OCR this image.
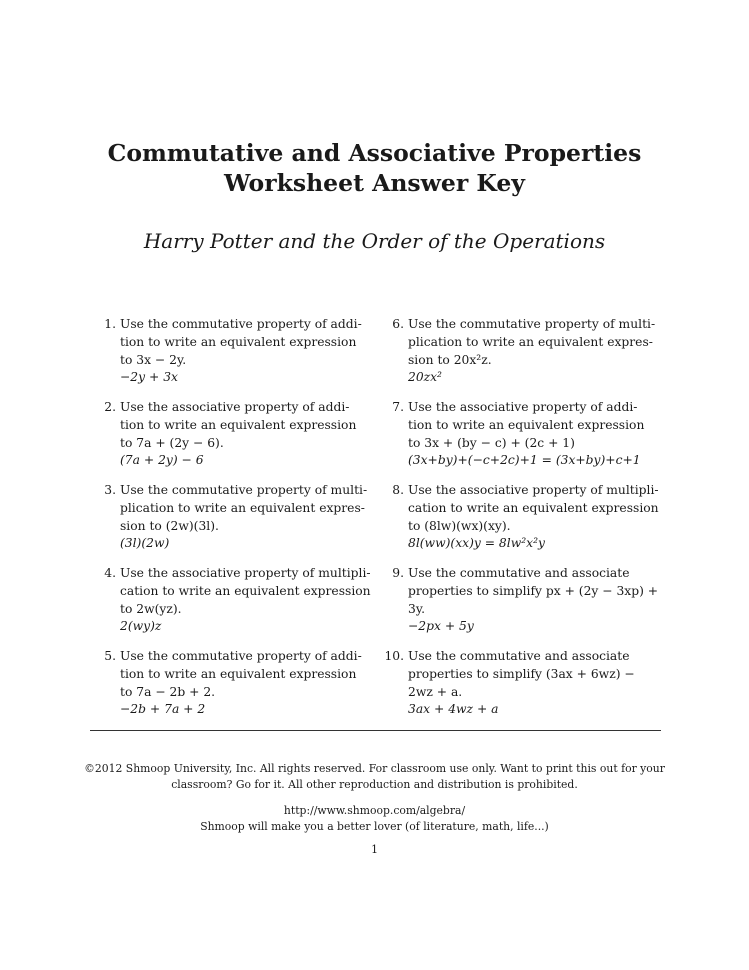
Commutative and Associative Properties
Worksheet Answer Key
Harry Potter and the Order of the Operations
1. Use the commutative property of addi-
tion to write an equivalent expression
to 3x − 2y.
−2y + 3x
2. Use the associative property of addi-
tion to write an equivalent expression
to 7a + (2y − 6).
(7a + 2y) − 6
3. Use the commutative property of multi-
plication to write an equivalent expres-
sion to (2w)(3l).
(3l)(2w)
4. Use the associative property of multipli-
cation to write an equivalent expression
to 2w(yz).
2(wy)z
5. Use the commutative property of addi-
tion to write an equivalent expression
to 7a − 2b + 2.
−2b + 7a + 2
6. Use the commutative property of multi-
plication to write an equivalent expres-
sion to 20x²z.
20zx²
7. Use the associative property of addi-
tion to write an equivalent expression
to 3x + (by − c) + (2c + 1)
(3x+by)+(−c+2c)+1 = (3x+by)+c+1
8. Use the associative property of multipli-
cation to write an equivalent expression
to (8lw)(wx)(xy).
8l(ww)(xx)y = 8lw²x²y
9. Use the commutative and associate
properties to simplify px + (2y − 3xp) +
3y.
−2px + 5y
10. Use the commutative and associate
properties to simplify (3ax + 6wz) −
2wz + a.
3ax + 4wz + a
©2012 Shmoop University, Inc. All rights reserved. For classroom use only. Want to print this out for your
classroom? Go for it. All other reproduction and distribution is prohibited.
http://www.shmoop.com/algebra/
Shmoop will make you a better lover (of literature, math, life...)
1
